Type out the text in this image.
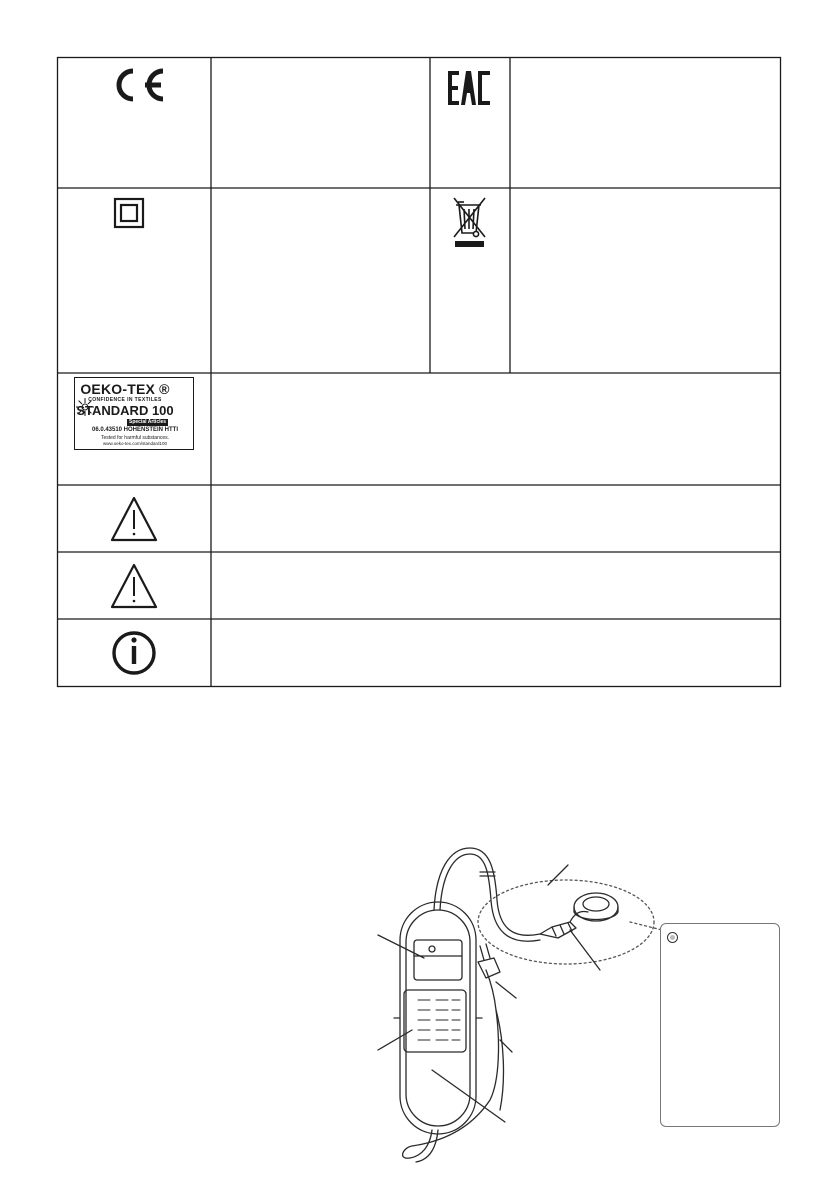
OEKO-TEX ®
CONFIDENCE IN TEXTILES
STANDARD 100
Special Articles
06.0.43510 HOHENSTEIN HTTI
Tested for harmful substances.
www.oeko-tex.com/standard100
